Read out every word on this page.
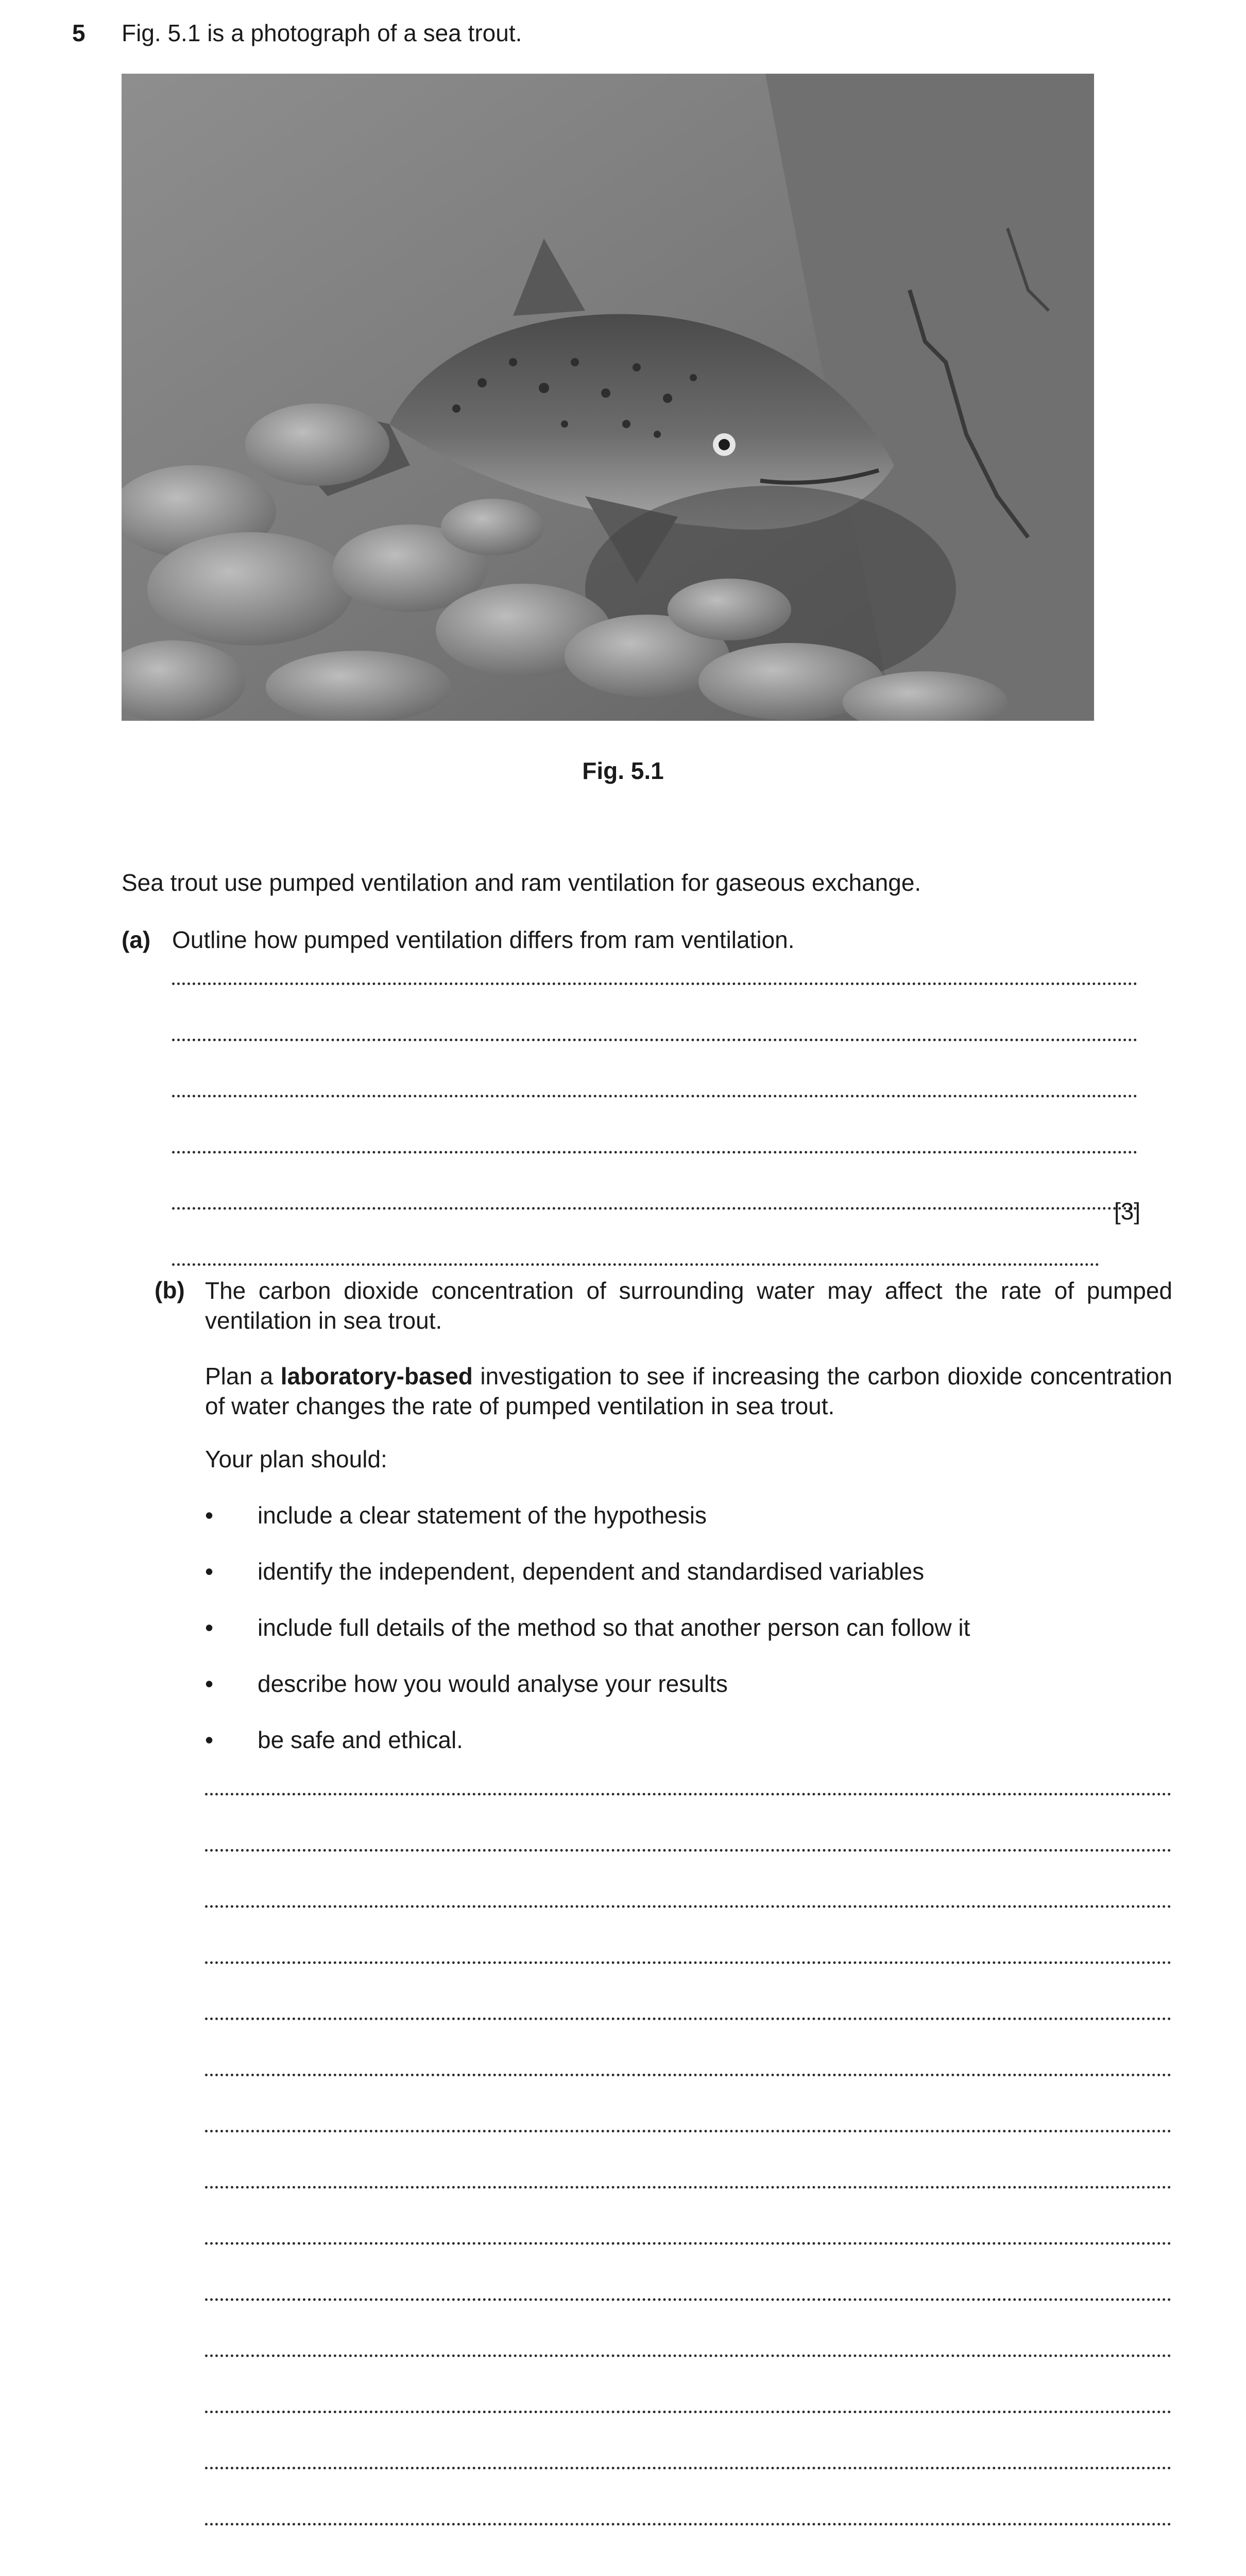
5 Fig. 5.1 is a photograph of a sea trout.
Fig. 5.1
Sea trout use pumped ventilation and ram ventilation for gaseous exchange.
(a) Outline how pumped ventilation differs from ram ventilation.
[3]
(b) The carbon dioxide concentration of surrounding water may affect the rate of pumped ventilation in sea trout.
Plan a laboratory-based investigation to see if increasing the carbon dioxide concentration of water changes the rate of pumped ventilation in sea trout.
Your plan should:
• include a clear statement of the hypothesis
• identify the independent, dependent and standardised variables
• include full details of the method so that another person can follow it
• describe how you would analyse your results
• be safe and ethical.
